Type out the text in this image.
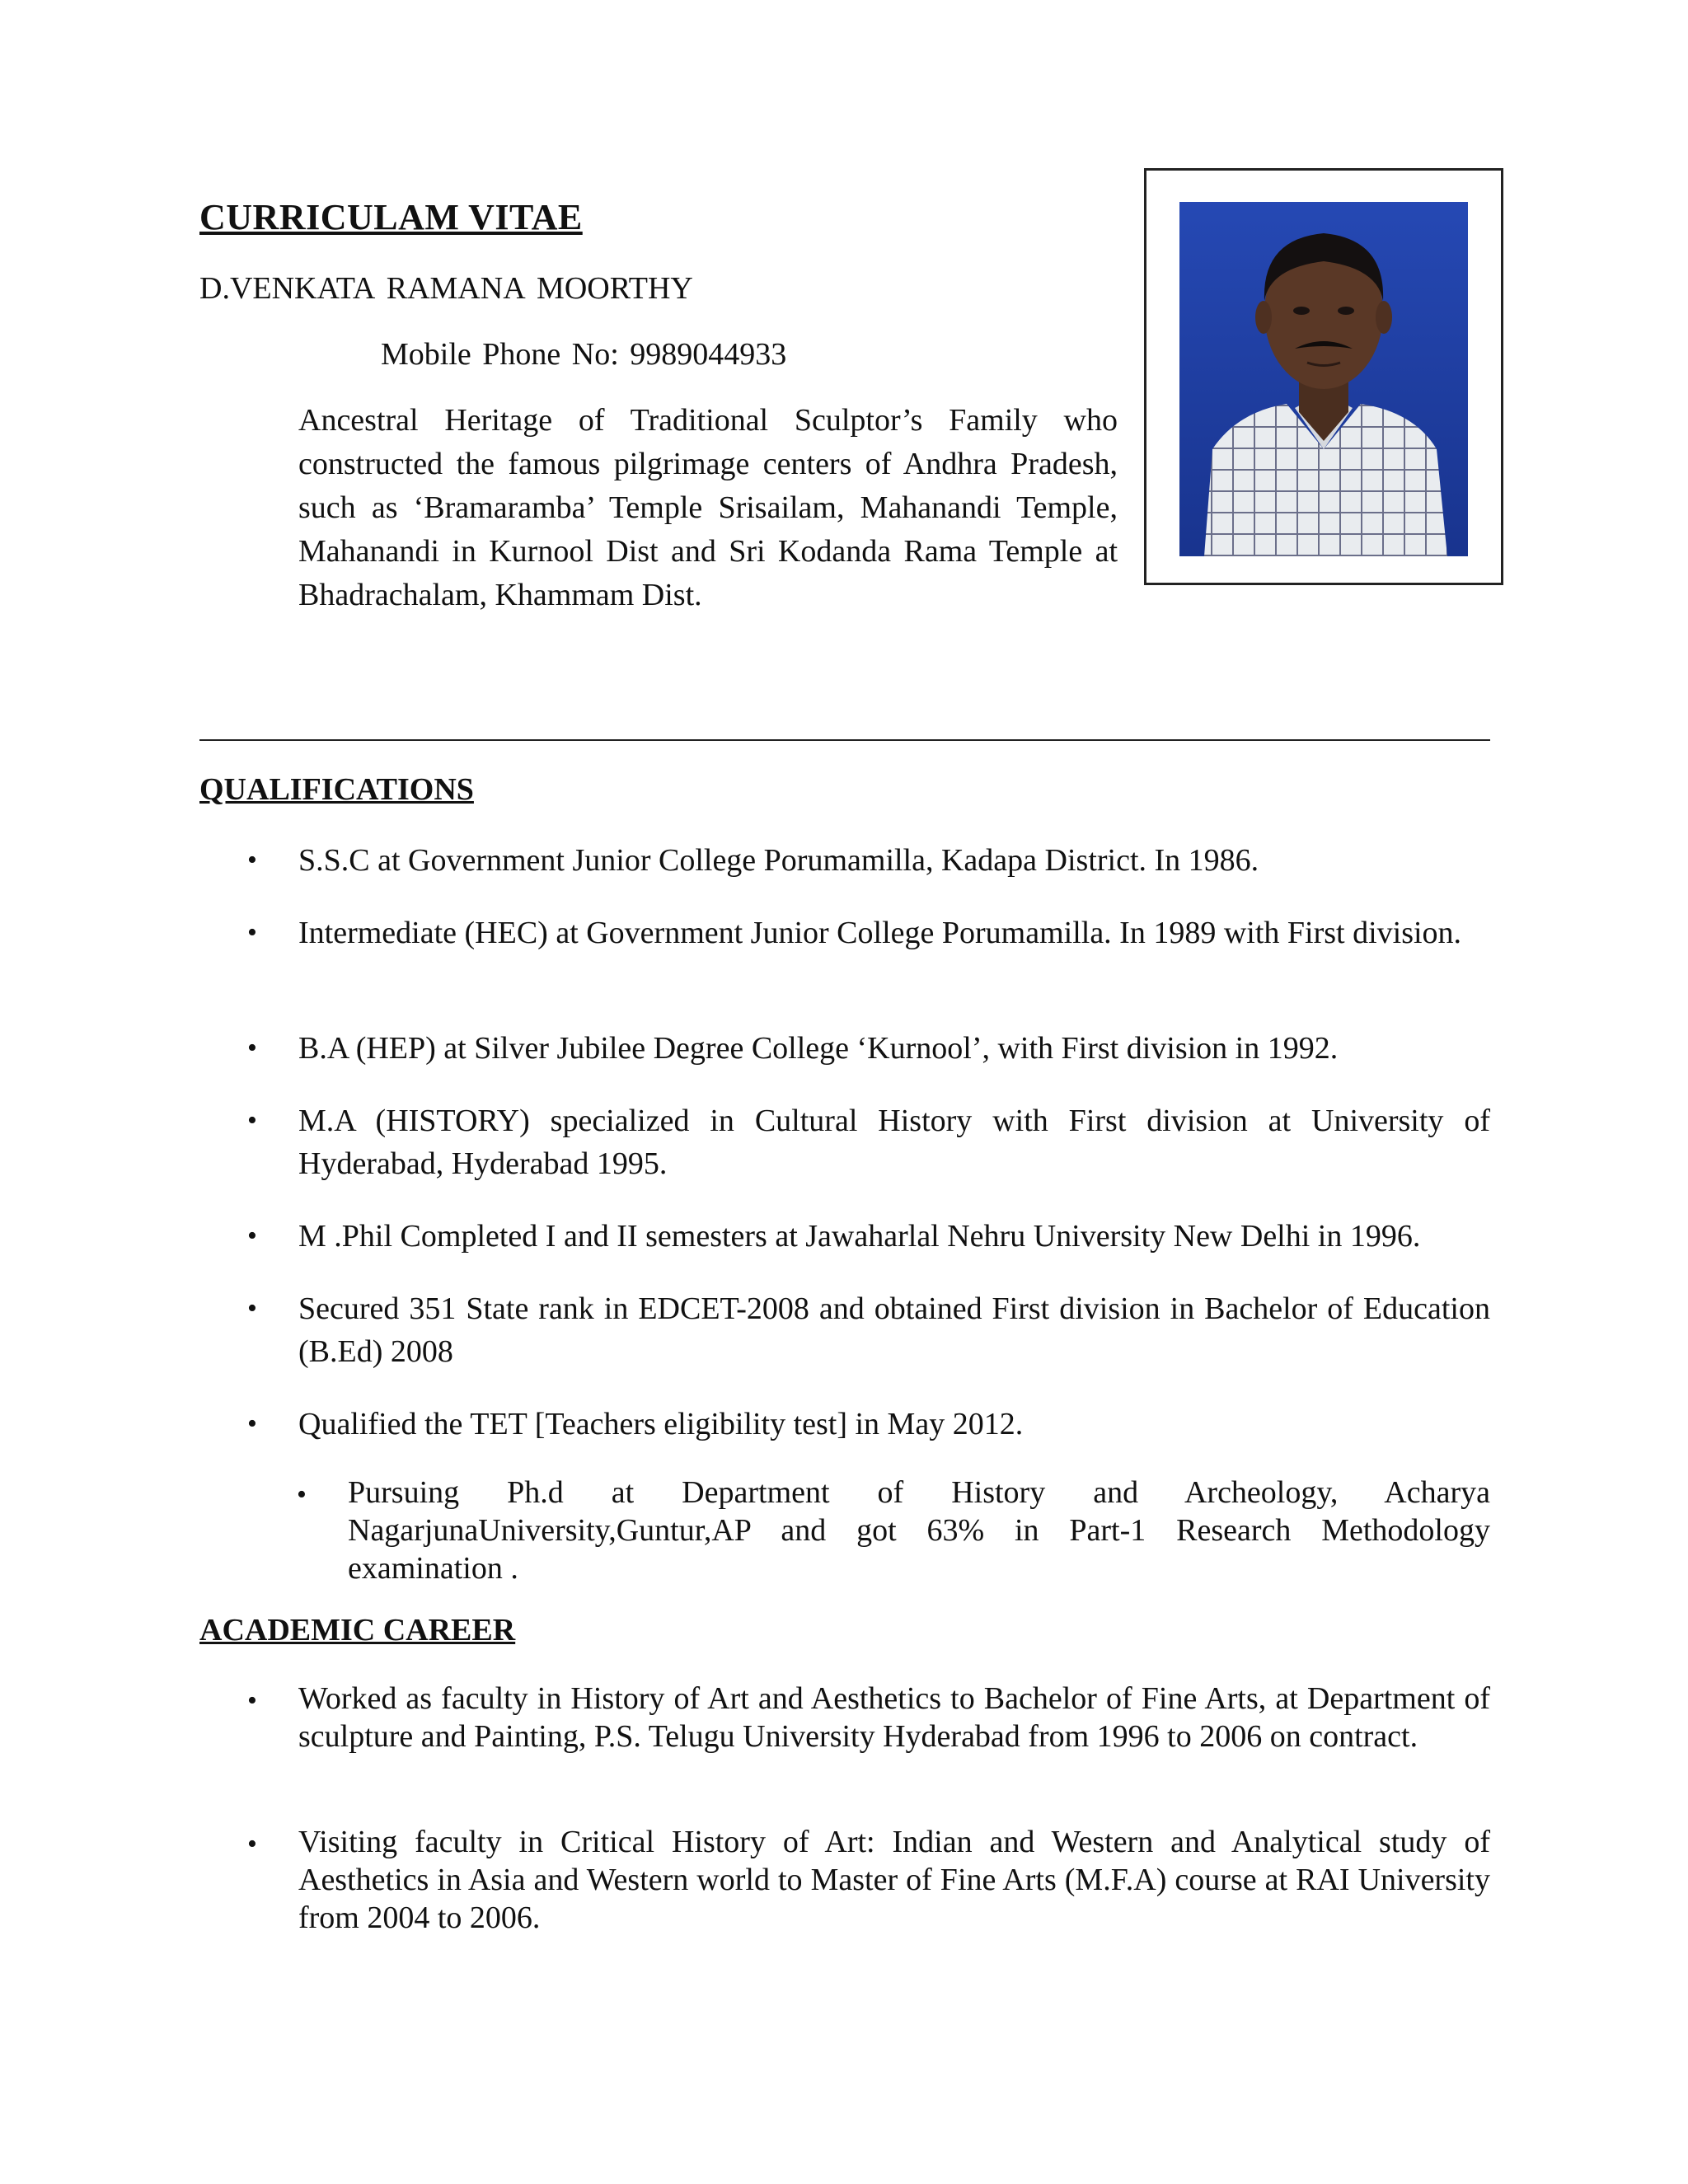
CURRICULAM VITAE
D.VENKATA RAMANA MOORTHY
Mobile Phone No: 9989044933
Ancestral Heritage of Traditional Sculptor’s Family who constructed the famous pilgrimage centers of Andhra Pradesh, such as ‘Bramaramba’ Temple Srisailam, Mahanandi Temple, Mahanandi in Kurnool Dist and Sri Kodanda Rama Temple at Bhadrachalam, Khammam Dist.
QUALIFICATIONS
• S.S.C at Government Junior College Porumamilla, Kadapa District. In 1986.
• Intermediate (HEC) at Government Junior College Porumamilla. In 1989 with First division.
• B.A (HEP) at Silver Jubilee Degree College ‘Kurnool’, with First division in 1992.
• M.A (HISTORY) specialized in Cultural History with First division at University of Hyderabad, Hyderabad 1995.
• M .Phil Completed I and II semesters at Jawaharlal Nehru University New Delhi in 1996.
• Secured 351 State rank in EDCET-2008 and obtained First division in Bachelor of Education (B.Ed) 2008
• Qualified the TET [Teachers eligibility test] in May 2012.
• Pursuing Ph.d at Department of History and Archeology, Acharya NagarjunaUniversity,Guntur,AP and got 63% in Part-1 Research Methodology examination .
ACADEMIC CAREER
• Worked as faculty in History of Art and Aesthetics to Bachelor of Fine Arts, at Department of sculpture and Painting, P.S. Telugu University Hyderabad from 1996 to 2006 on contract.
• Visiting faculty in Critical History of Art: Indian and Western and Analytical study of Aesthetics in Asia and Western world to Master of Fine Arts (M.F.A) course at RAI University from 2004 to 2006.
